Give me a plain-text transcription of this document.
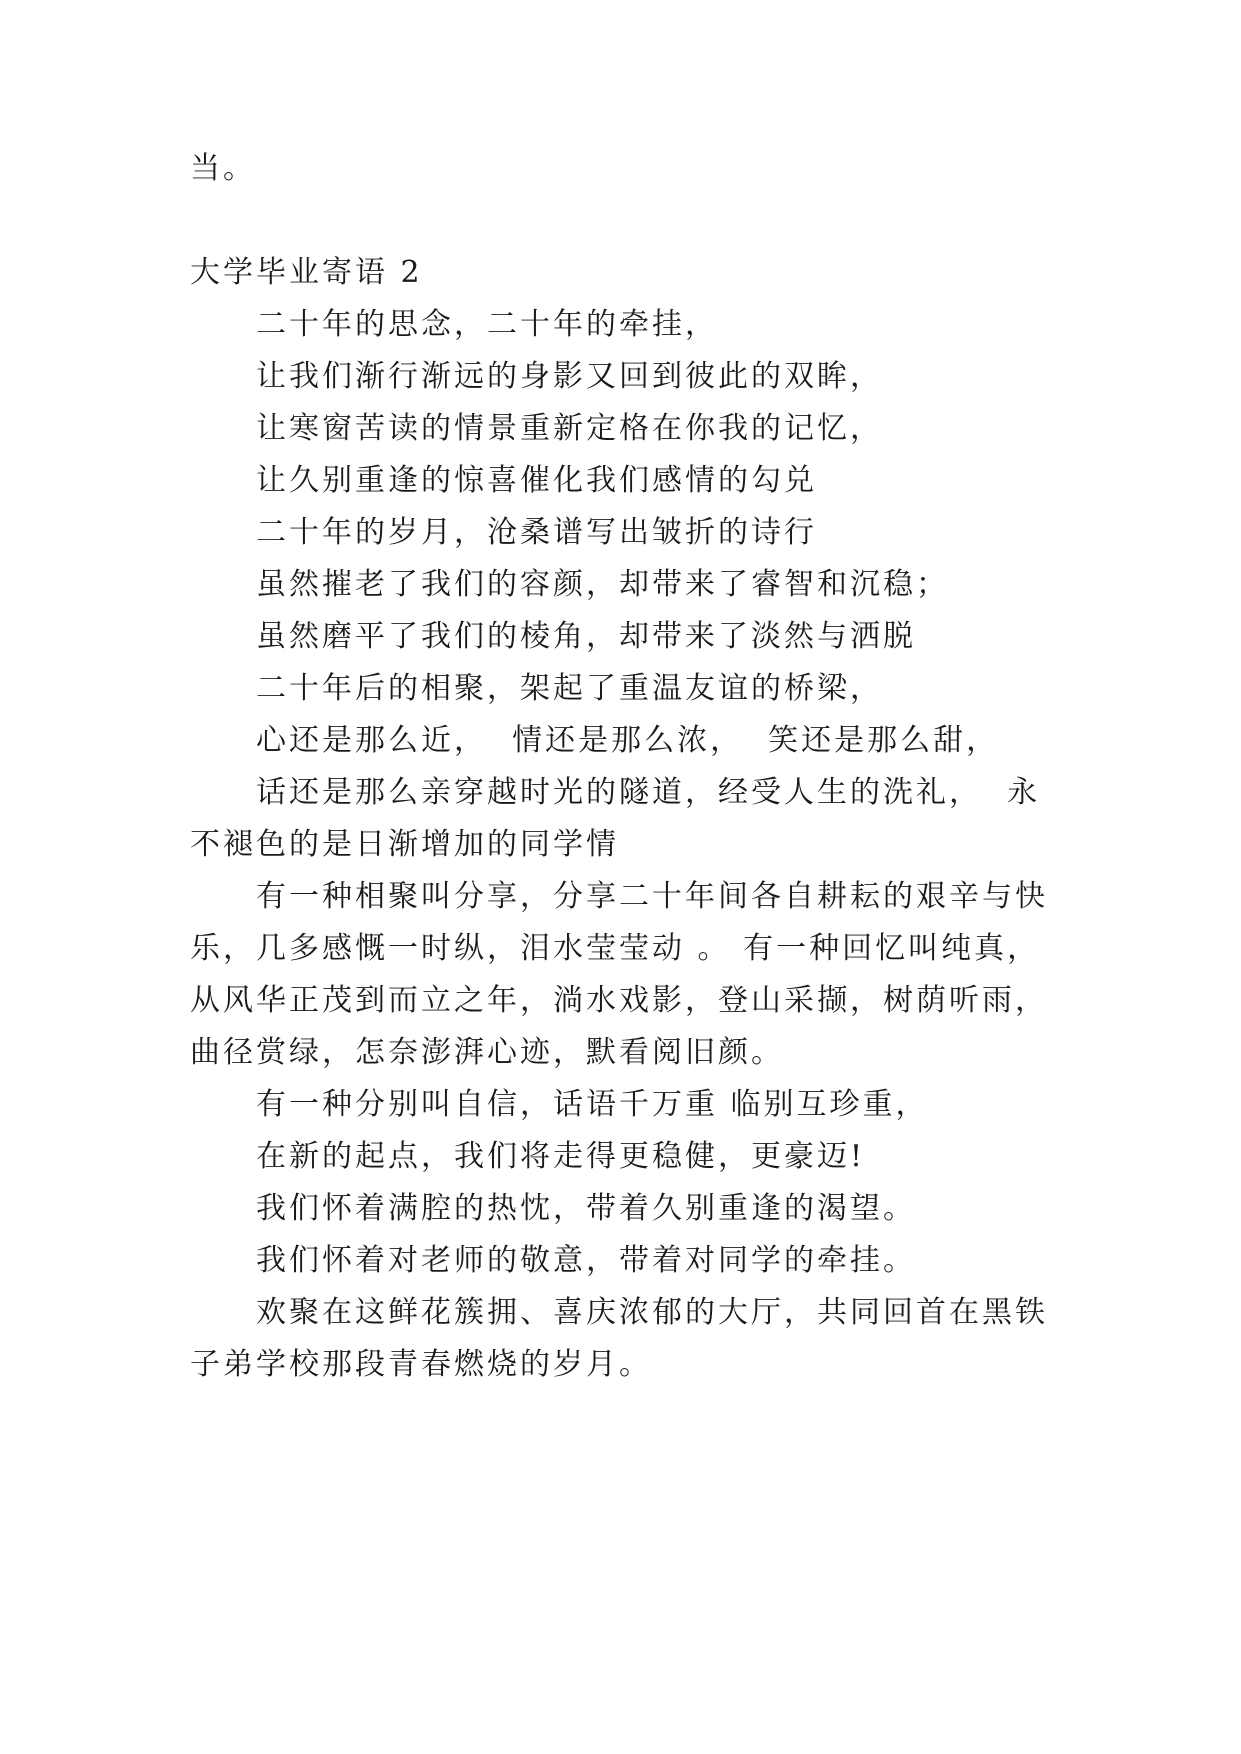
当。
大学毕业寄语 2
二十年的思念，二十年的牵挂，
让我们渐行渐远的身影又回到彼此的双眸，
让寒窗苦读的情景重新定格在你我的记忆，
让久别重逢的惊喜催化我们感情的勾兑
二十年的岁月，沧桑谱写出皱折的诗行
虽然摧老了我们的容颜，却带来了睿智和沉稳；
虽然磨平了我们的棱角，却带来了淡然与洒脱
二十年后的相聚，架起了重温友谊的桥梁，
心还是那么近，  情还是那么浓，  笑还是那么甜，
话还是那么亲穿越时光的隧道，经受人生的洗礼，  永
不褪色的是日渐增加的同学情
有一种相聚叫分享，分享二十年间各自耕耘的艰辛与快
乐，几多感慨一时纵，泪水莹莹动 。 有一种回忆叫纯真，
从风华正茂到而立之年，淌水戏影，登山采撷，树荫听雨，
曲径赏绿，怎奈澎湃心迹，默看阅旧颜。
有一种分别叫自信，话语千万重 临别互珍重，
在新的起点，我们将走得更稳健，更豪迈!
我们怀着满腔的热忱，带着久别重逢的渴望。
我们怀着对老师的敬意，带着对同学的牵挂。
欢聚在这鲜花簇拥、喜庆浓郁的大厅，共同回首在黑铁
子弟学校那段青春燃烧的岁月。
